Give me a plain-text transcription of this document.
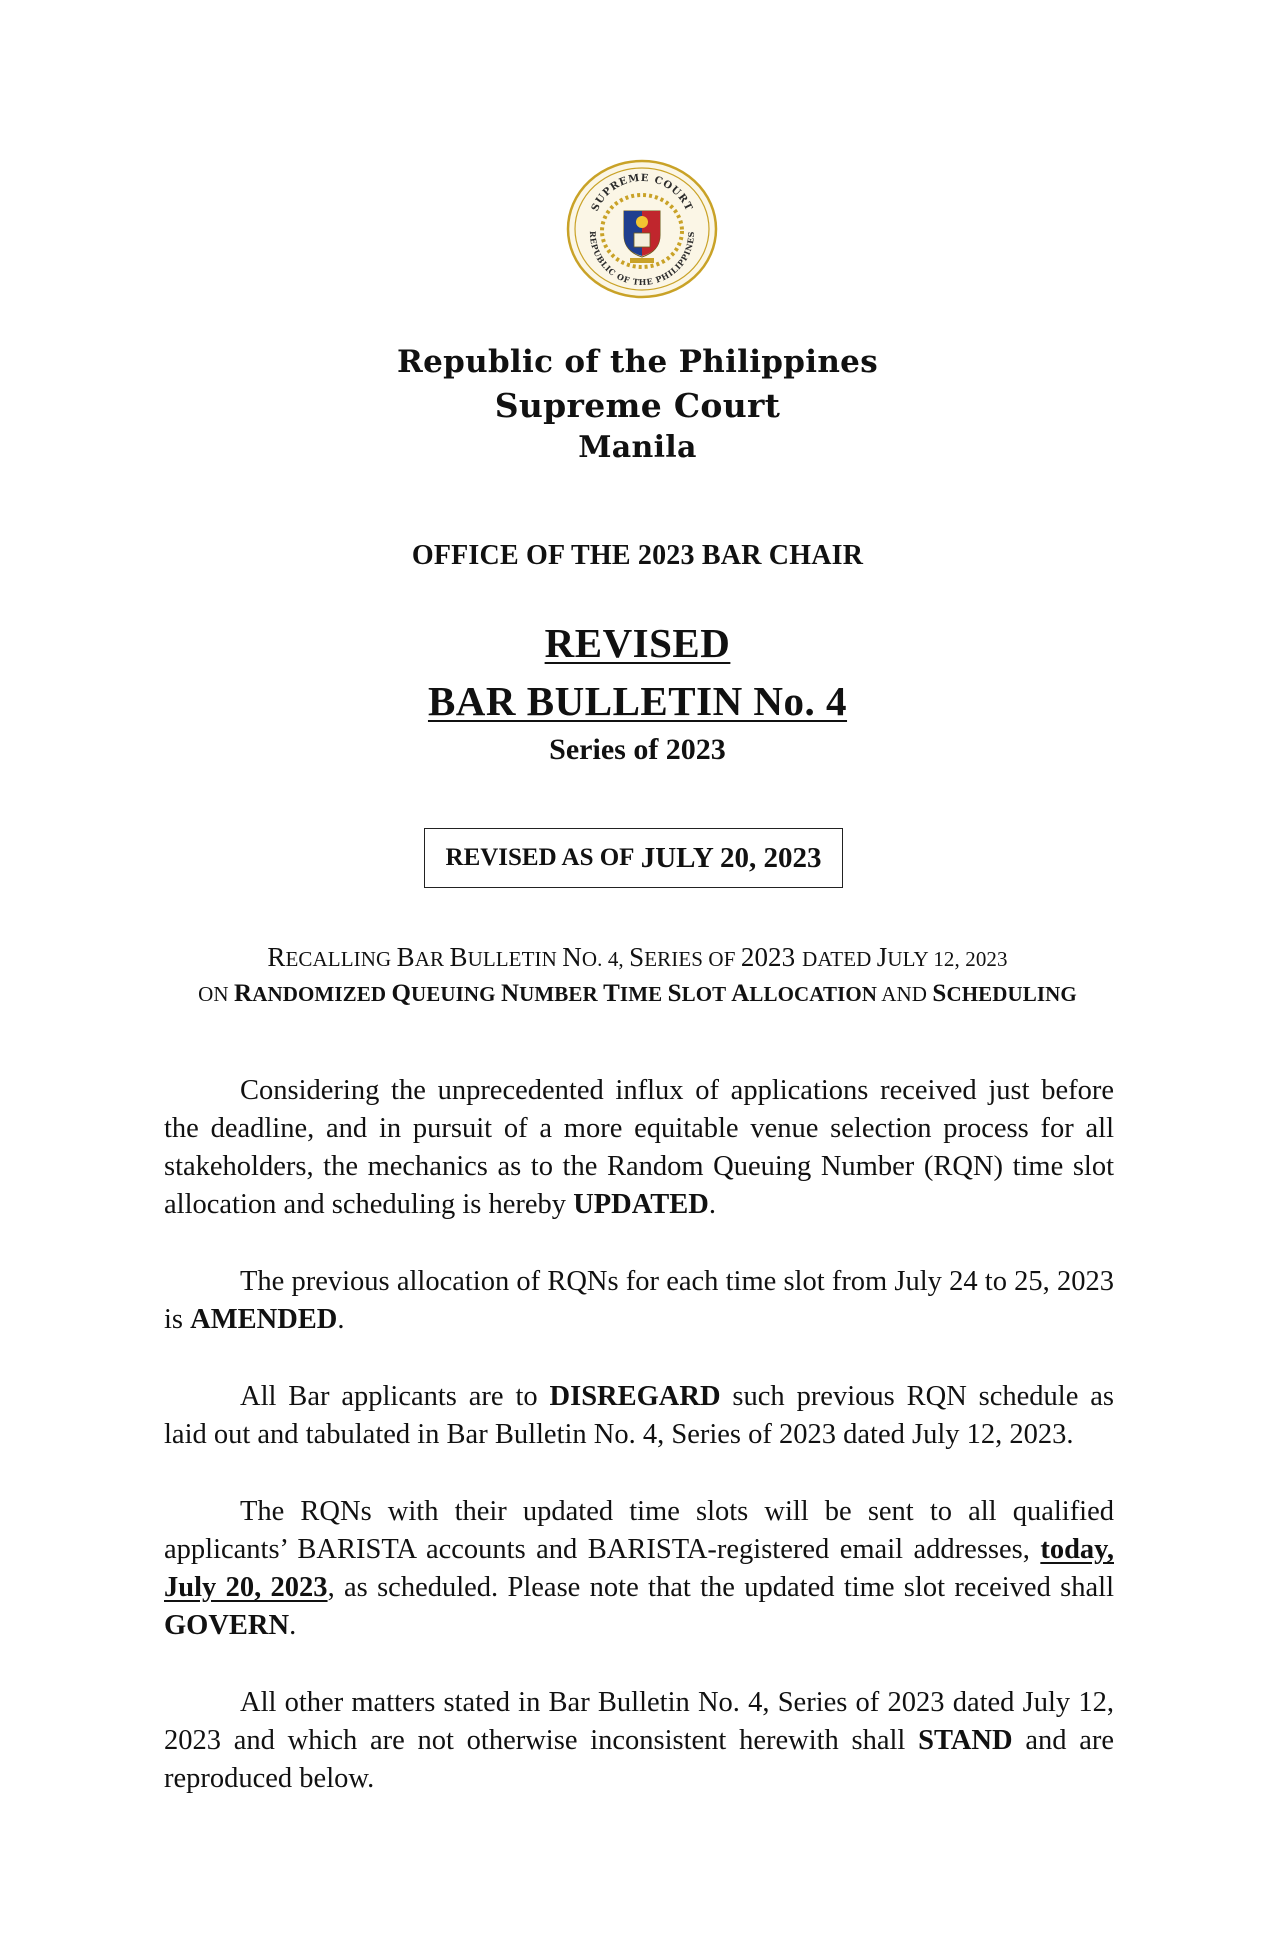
SUPREME COURT
REPUBLIC OF THE PHILIPPINES
Republic of the Philippines
Supreme Court
Manila
OFFICE OF THE 2023 BAR CHAIR
REVISED
BAR BULLETIN No. 4
Series of 2023
REVISED AS OF
JULY 20, 2023
RECALLING BAR BULLETIN NO. 4, SERIES OF 2023 DATED JULY 12, 2023
ON RANDOMIZED QUEUING NUMBER TIME SLOT ALLOCATION AND SCHEDULING
Considering the unprecedented influx of applications received just before the deadline, and in pursuit of a more equitable venue selection process for all stakeholders, the mechanics as to the Random Queuing Number (RQN) time slot allocation and scheduling is hereby UPDATED.
The previous allocation of RQNs for each time slot from July 24 to 25, 2023 is AMENDED.
All Bar applicants are to DISREGARD such previous RQN schedule as laid out and tabulated in Bar Bulletin No. 4, Series of 2023 dated July 12, 2023.
The RQNs with their updated time slots will be sent to all qualified applicants’ BARISTA accounts and BARISTA-registered email addresses, today, July 20, 2023, as scheduled. Please note that the updated time slot received shall GOVERN.
All other matters stated in Bar Bulletin No. 4, Series of 2023 dated July 12, 2023 and which are not otherwise inconsistent herewith shall STAND and are reproduced below.
